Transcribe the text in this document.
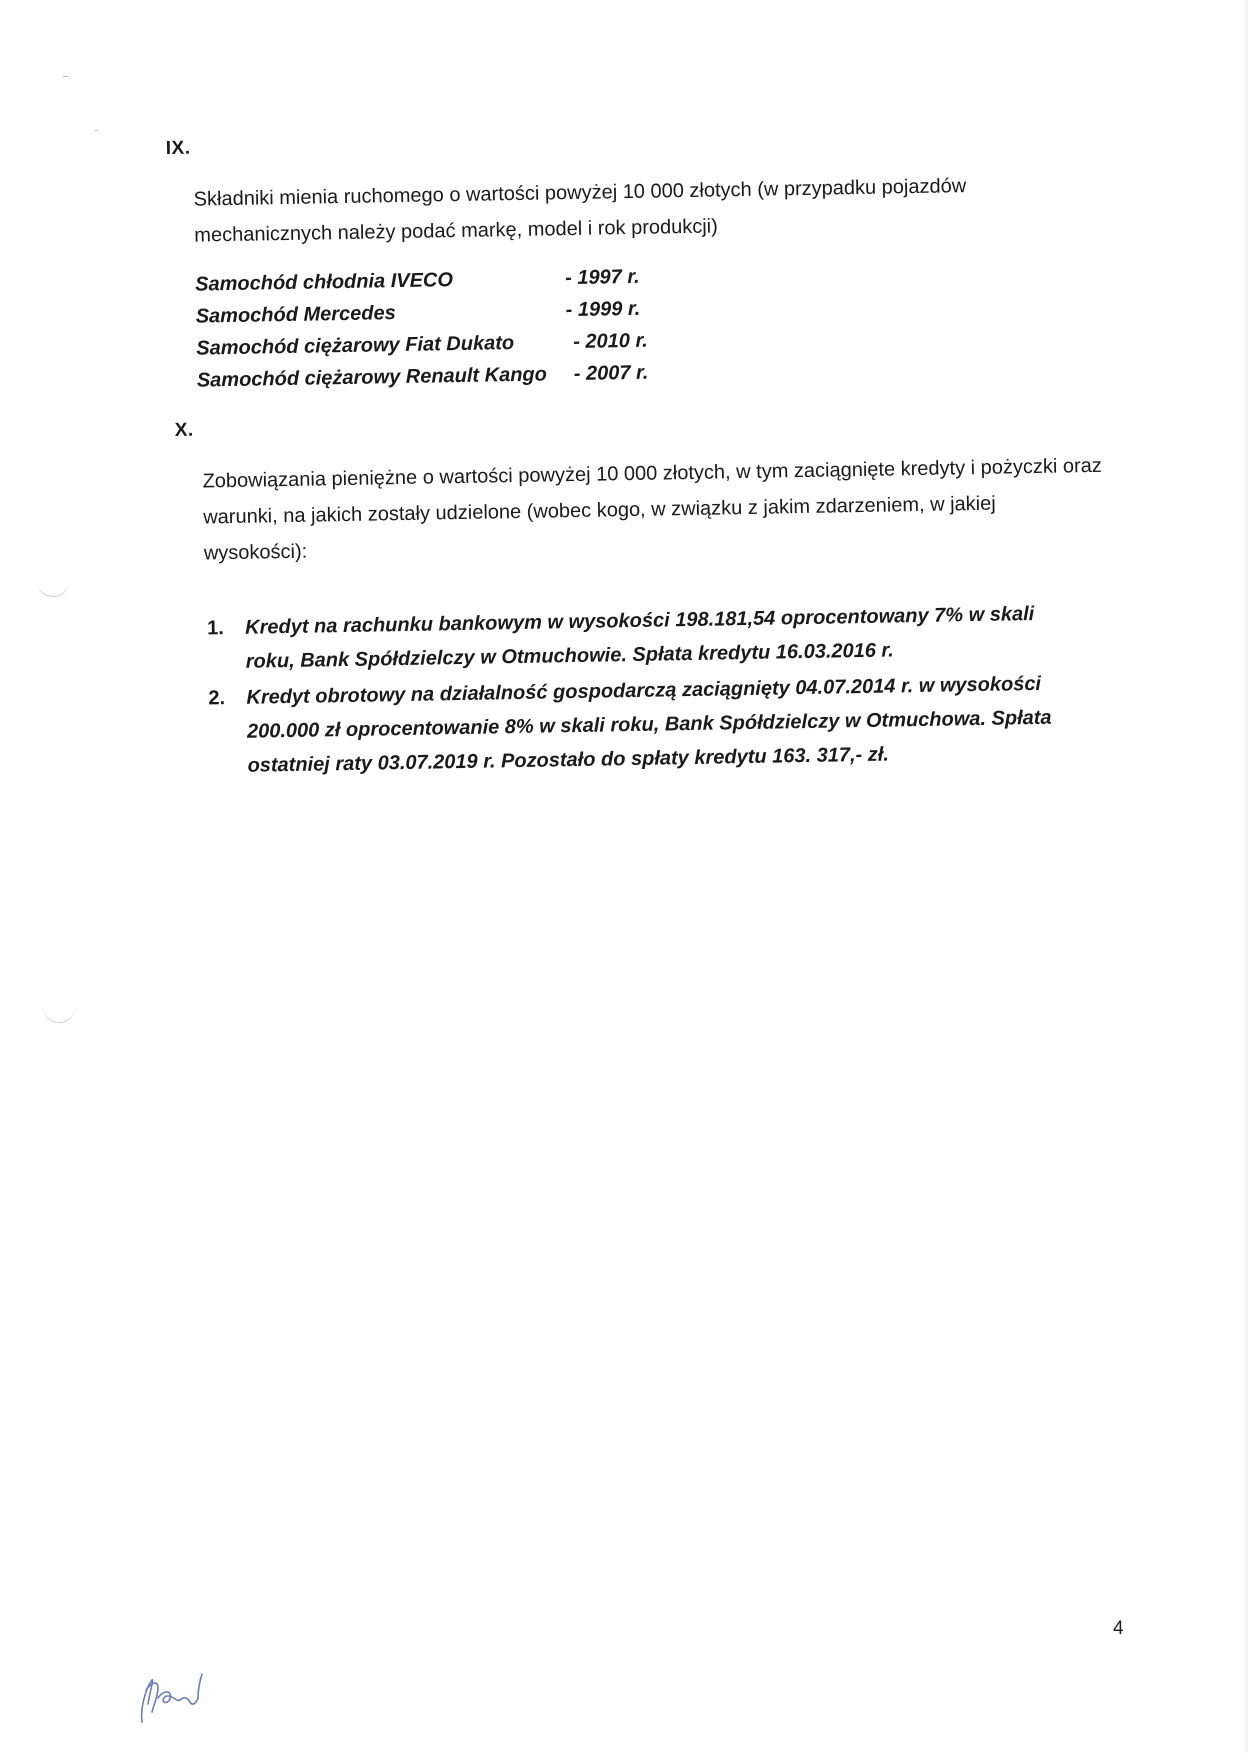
IX.
Składniki mienia ruchomego o wartości powyżej 10 000 złotych (w przypadku pojazdów mechanicznych należy podać markę, model i rok produkcji)
Samochód chłodnia IVECO	- 1997 r.
Samochód Mercedes	- 1999 r.
Samochód ciężarowy Fiat Dukato	- 2010 r.
Samochód ciężarowy Renault Kango - 2007 r.
X.
Zobowiązania pieniężne o wartości powyżej 10 000 złotych, w tym zaciągnięte kredyty i pożyczki oraz warunki, na jakich zostały udzielone (wobec kogo, w związku z jakim zdarzeniem, w jakiej wysokości):
1. Kredyt na rachunku bankowym w wysokości 198.181,54 oprocentowany 7% w skali roku, Bank Spółdzielczy w Otmuchowie. Spłata kredytu 16.03.2016 r.
2. Kredyt obrotowy na działalność gospodarczą zaciągnięty 04.07.2014 r. w wysokości 200.000 zł oprocentowanie 8% w skali roku, Bank Spółdzielczy w Otmuchowa. Spłata ostatniej raty 03.07.2019 r. Pozostało do spłaty kredytu 163. 317,- zł.
4
